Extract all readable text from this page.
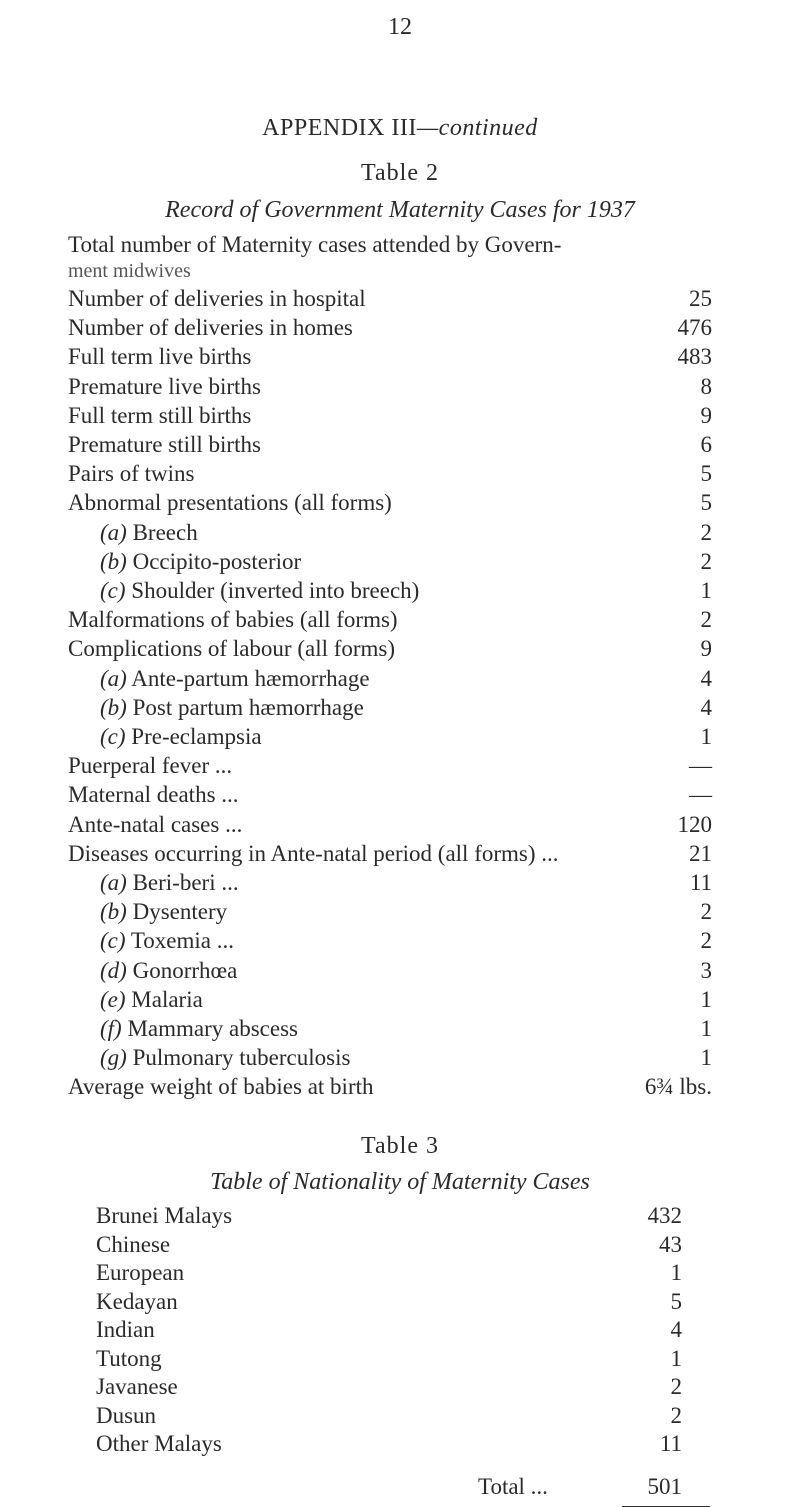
12
APPENDIX III—continued
Table 2
Record of Government Maternity Cases for 1937
Total number of Maternity cases attended by Govern-
ment midwives
Number of deliveries in hospital	25
Number of deliveries in homes	476
Full term live births	483
Premature live births	8
Full term still births	9
Premature still births	6
Pairs of twins	5
Abnormal presentations (all forms)	5
(a) Breech	2
(b) Occipito-posterior	2
(c) Shoulder (inverted into breech)	1
Malformations of babies (all forms)	2
Complications of labour (all forms)	9
(a) Ante-partum hæmorrhage	4
(b) Post partum hæmorrhage	4
(c) Pre-eclampsia	1
Puerperal fever ...	—
Maternal deaths ...	—
Ante-natal cases ...	120
Diseases occurring in Ante-natal period (all forms) ...	21
(a) Beri-beri ...	11
(b) Dysentery	2
(c) Toxemia ...	2
(d) Gonorrhœa	3
(e) Malaria	1
(f) Mammary abscess	1
(g) Pulmonary tuberculosis	1
Average weight of babies at birth	6¾ lbs.
Table 3
Table of Nationality of Maternity Cases
Brunei Malays	432
Chinese	43
European	1
Kedayan	5
Indian	4
Tutong	1
Javanese	2
Dusun	2
Other Malays	11
Total ...	501
